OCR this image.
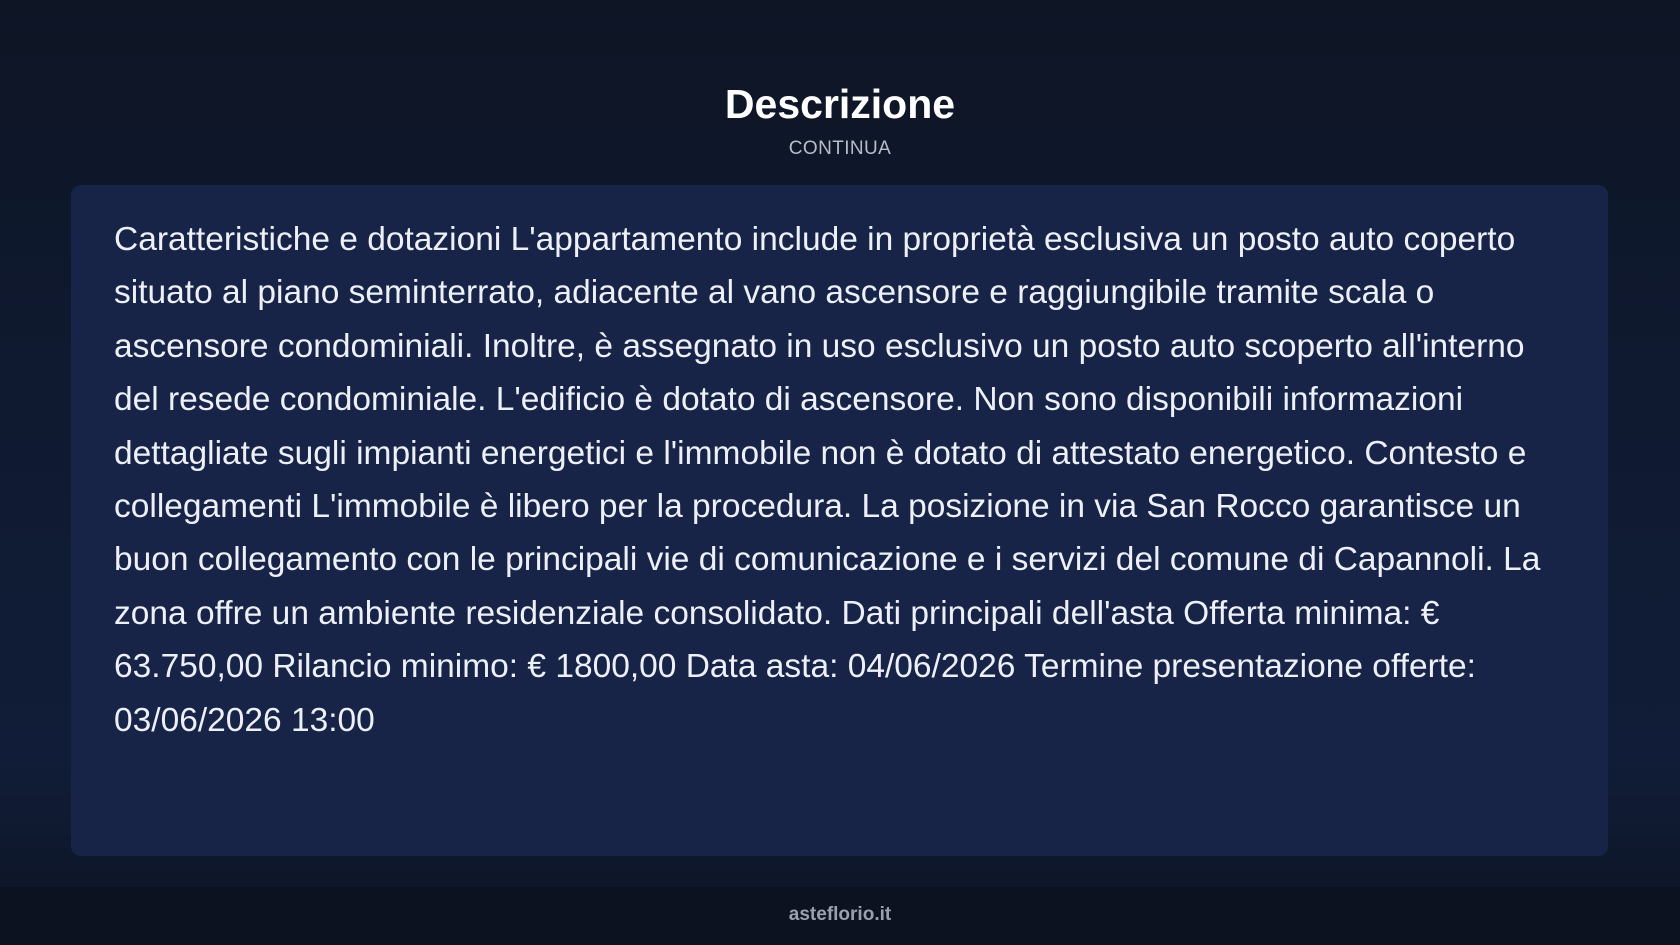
Descrizione
CONTINUA

Caratteristiche e dotazioni L'appartamento include in proprietà esclusiva un posto auto coperto situato al piano seminterrato, adiacente al vano ascensore e raggiungibile tramite scala o ascensore condominiali. Inoltre, è assegnato in uso esclusivo un posto auto scoperto all'interno del resede condominiale. L'edificio è dotato di ascensore. Non sono disponibili informazioni dettagliate sugli impianti energetici e l'immobile non è dotato di attestato energetico. Contesto e collegamenti L'immobile è libero per la procedura. La posizione in via San Rocco garantisce un buon collegamento con le principali vie di comunicazione e i servizi del comune di Capannoli. La zona offre un ambiente residenziale consolidato. Dati principali dell'asta Offerta minima: € 63.750,00 Rilancio minimo: € 1800,00 Data asta: 04/06/2026 Termine presentazione offerte: 03/06/2026 13:00

asteflorio.it
